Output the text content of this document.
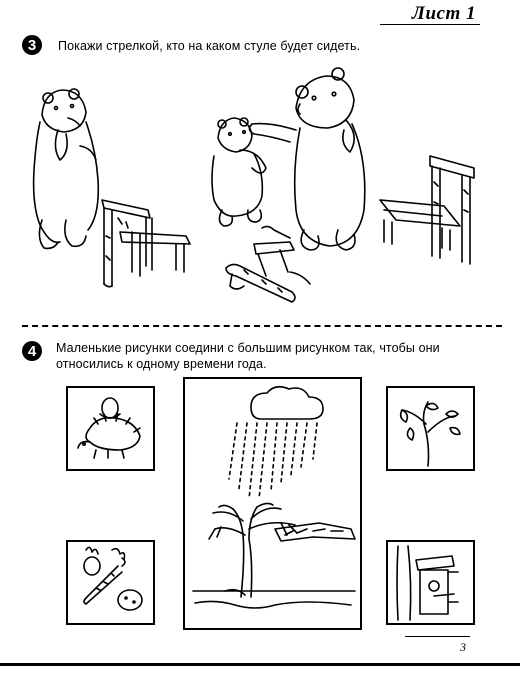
Лист 1
3	Покажи стрелкой, кто на каком стуле будет сидеть.
4	Маленькие рисунки соедини с большим рисунком так, чтобы они
относились к одному времени года.
3
